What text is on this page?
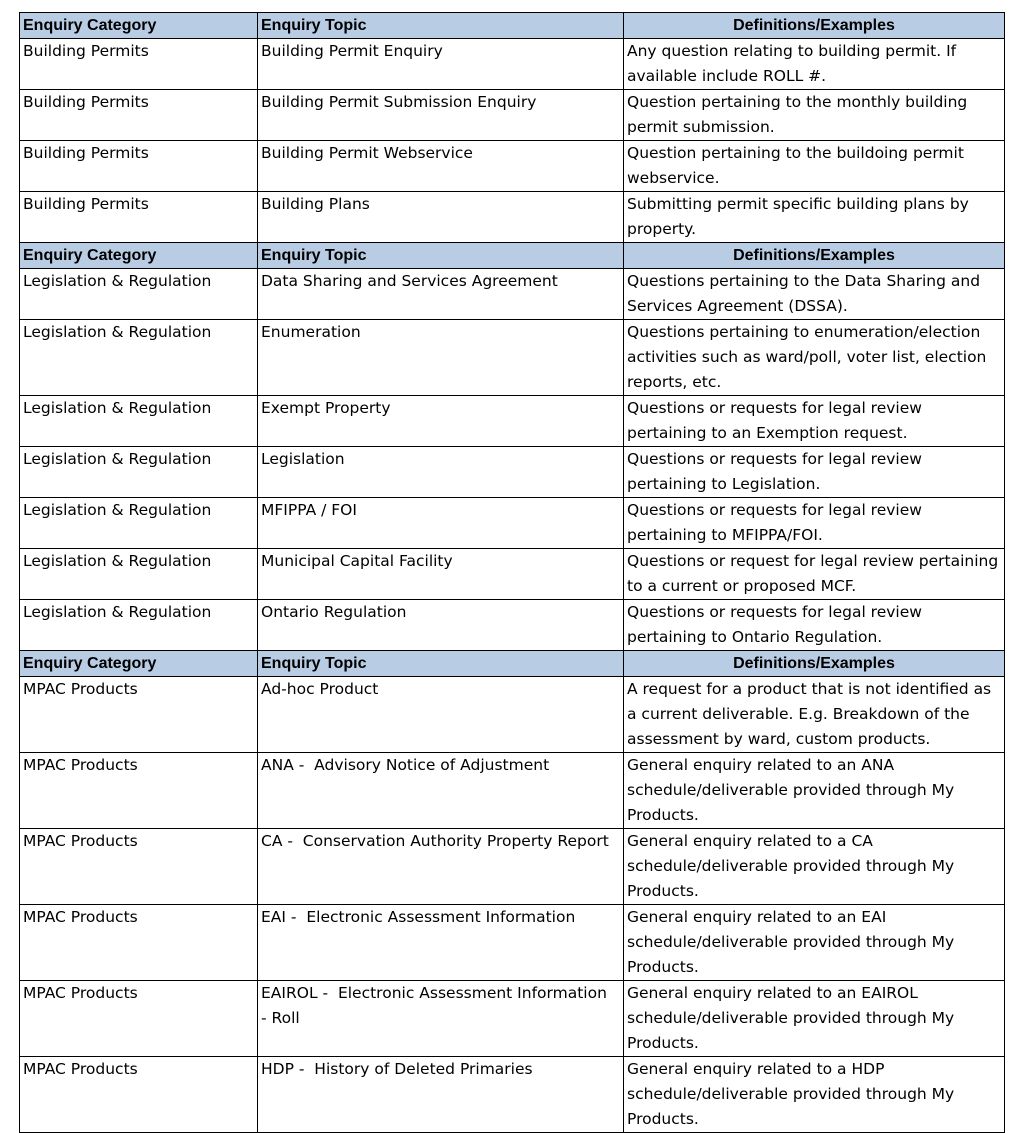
Enquiry Category	Enquiry Topic	Definitions/Examples
Building Permits	Building Permit Enquiry	Any question relating to building permit. If available include ROLL #.
Building Permits	Building Permit Submission Enquiry	Question pertaining to the monthly building permit submission.
Building Permits	Building Permit Webservice	Question pertaining to the buildoing permit webservice.
Building Permits	Building Plans	Submitting permit specific building plans by property.
Enquiry Category	Enquiry Topic	Definitions/Examples
Legislation & Regulation	Data Sharing and Services Agreement	Questions pertaining to the Data Sharing and Services Agreement (DSSA).
Legislation & Regulation	Enumeration	Questions pertaining to enumeration/election activities such as ward/poll, voter list, election reports, etc.
Legislation & Regulation	Exempt Property	Questions or requests for legal review pertaining to an Exemption request.
Legislation & Regulation	Legislation	Questions or requests for legal review pertaining to Legislation.
Legislation & Regulation	MFIPPA / FOI	Questions or requests for legal review pertaining to MFIPPA/FOI.
Legislation & Regulation	Municipal Capital Facility	Questions or request for legal review pertaining to a current or proposed MCF.
Legislation & Regulation	Ontario Regulation	Questions or requests for legal review pertaining to Ontario Regulation.
Enquiry Category	Enquiry Topic	Definitions/Examples
MPAC Products	Ad-hoc Product	A request for a product that is not identified as a current deliverable. E.g. Breakdown of the assessment by ward, custom products.
MPAC Products	ANA -  Advisory Notice of Adjustment	General enquiry related to an ANA schedule/deliverable provided through My Products.
MPAC Products	CA -  Conservation Authority Property Report	General enquiry related to a CA schedule/deliverable provided through My Products.
MPAC Products	EAI -  Electronic Assessment Information	General enquiry related to an EAI schedule/deliverable provided through My Products.
MPAC Products	EAIROL -  Electronic Assessment Information  - Roll	General enquiry related to an EAIROL schedule/deliverable provided through My Products.
MPAC Products	HDP -  History of Deleted Primaries	General enquiry related to a HDP schedule/deliverable provided through My Products.
